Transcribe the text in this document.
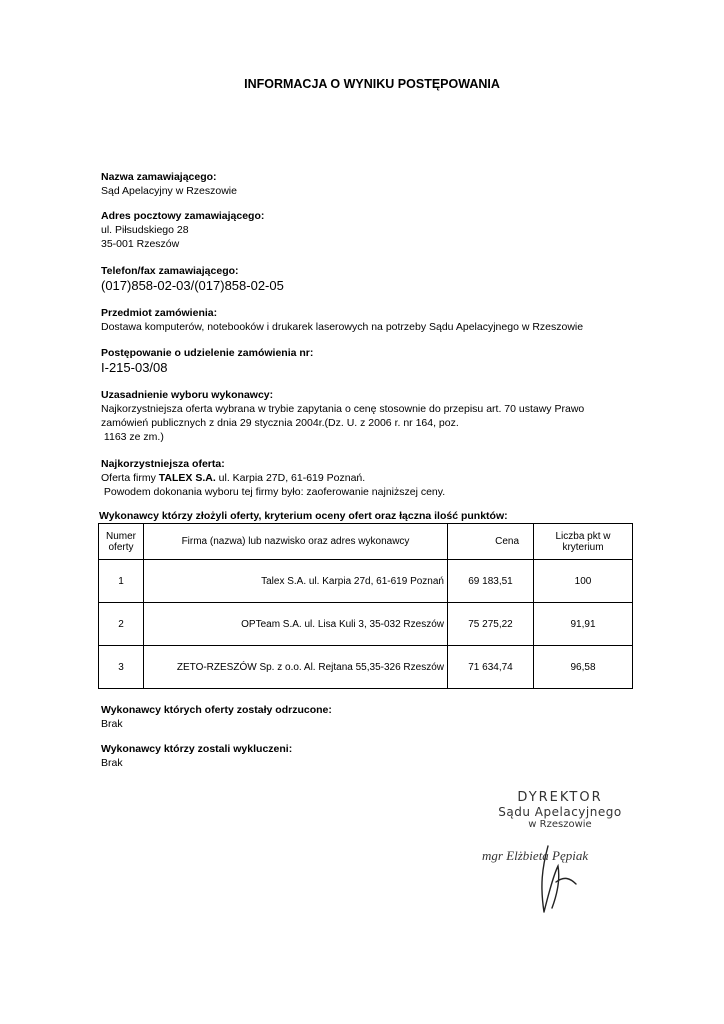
INFORMACJA O WYNIKU POSTĘPOWANIA
Nazwa zamawiającego:
Sąd Apelacyjny w Rzeszowie
Adres pocztowy zamawiającego:
ul. Piłsudskiego 28
35-001 Rzeszów
Telefon/fax zamawiającego:
(017)858-02-03/(017)858-02-05
Przedmiot zamówienia:
Dostawa komputerów, notebooków i drukarek laserowych na potrzeby Sądu Apelacyjnego w Rzeszowie
Postępowanie o udzielenie zamówienia nr:
I-215-03/08
Uzasadnienie wyboru wykonawcy:
Najkorzystniejsza oferta wybrana w trybie zapytania o cenę stosownie do przepisu art. 70 ustawy Prawo
zamówień publicznych z dnia 29 stycznia 2004r.(Dz. U. z 2006 r. nr 164, poz.
1163 ze zm.)
Najkorzystniejsza oferta:
Oferta firmy TALEX S.A. ul. Karpia 27D, 61-619 Poznań.
Powodem dokonania wyboru tej firmy było: zaoferowanie najniższej ceny.
Wykonawcy którzy złożyli oferty, kryterium oceny ofert oraz łączna ilość punktów:
Numer oferty	Firma (nazwa) lub nazwisko oraz adres wykonawcy	Cena	Liczba pkt w kryterium
1	Talex S.A. ul. Karpia 27d, 61-619 Poznań	69 183,51	100
2	OPTeam S.A. ul. Lisa Kuli 3, 35-032 Rzeszów	75 275,22	91,91
3	ZETO-RZESZÓW Sp. z o.o. Al. Rejtana 55,35-326 Rzeszów	71 634,74	96,58
Wykonawcy których oferty zostały odrzucone:
Brak
Wykonawcy którzy zostali wykluczeni:
Brak
DYREKTOR
Sądu Apelacyjnego
w Rzeszowie
mgr Elżbieta Pępiak
